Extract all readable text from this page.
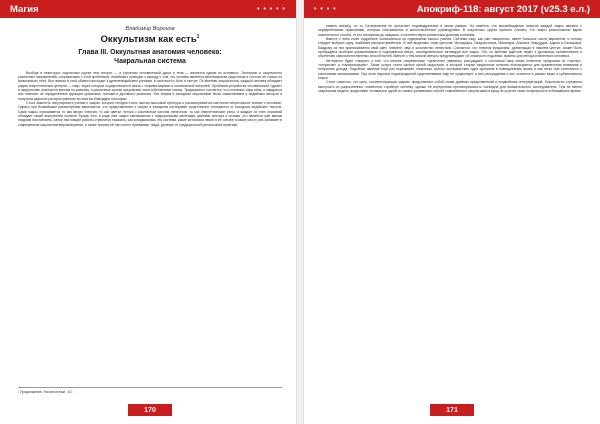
Магия	• • • • •
Владимир Воронов
Оккультизм как есть$^1$
Глава III. Оккультная анатомия человека:
Чакральная система

Вообще в некоторых оккультных кругах этот вопрос — о строении человеческой души и тела — является одним из основных. Эзотерики и оккультисты различных направлений, соприкасаясь с этой проблемой, неизбежно приходят к выводу о том, что человек является многомерным существом и состоит не только из физического тела. Все знания в этой области восходят к древнеиндийским учениям, в частности к йоге и тантре. По мнению оккультистов, каждый человек обладает рядом энергетических центров — чакр, через которые осуществляется связь с тонкими мирами и космической энергией. Проблема устройства человеческой «души» в оккультизме трактуется весьма по-разному, и различные школы предлагают свои собственные схемы. Традиционно считается, что основных чакр семь, и каждая из них отвечает за определённые функции организма, психики и духовного развития. Эта теория в западном оккультизме была заимствована у индийских авторов и получила широкое распространение во многом благодаря теософии.

Стоит заметить популярность учения о чакрах, которое сегодня стало частью массовой культуры и рассматривается как некое непреложное знание о человеке. Однако при ближайшем рассмотрении выясняется, что представления о чакрах в западном эзотеризме существенно отличаются от исходных индийских текстов. Сами чакры описываются то как вихри энергии, то как цветки лотоса с различным числом лепестков, то как энергетические узлы, и каждое из этих описаний обладает своей внутренней логикой. Кроме того, в ряде книг чакры связываются с эндокринными железами, цветами спектра и нотами, что является уже явным поздним наслоением. Автор настоящей работы стремится показать, как складывалась эта система, какие источники лежат в её основе и какое место она занимает в современном оккультном мировоззрении, а также почему её так охотно принимают люди, далёкие от традиционной религиозной практики.

¹ Продолжение. Начало в вып. 117.
170
• • • •	Апокриф-118: август 2017 (v25.3 е.л.)

ниметь вперёд, но то Сатанеменна не прочитает индивидуальное в своих рамках. Но кажется, что высвобождение энергии каждой чакры связано с определёнными практиками, которые описываются в многочисленных руководствах. В оккультных кругах принято считать, что чакры расположены вдоль позвоночного столба, от его основания до макушки, и соответствуют различным уровням сознания.

Вместе с этим стоит подробнее остановиться на содержании самого учения. Система чакр, как уже говорилось, имеет большое число вариантов, и потому следует выбрать одну, наиболее распространённую. В ней выделяют семь центров: Муладхара, Свадхистхана, Манипура, Анахата, Вишуддха, Аджна и Сахасрара. Каждому из них приписывается свой цвет, элемент, звук и количество лепестков. Считается, что энергия кундалини, дремлющая в нижнем центре, может быть пробуждена особыми упражнениями и подниматься вверх, последовательно активируя все чакры. Это, по мнению адептов, ведёт к духовному просветлению и обретению сверхъестественных способностей. Вместе с тем многие авторы предупреждают об опасности подобных практик для неподготовленного человека.

Интересно будет говорить о том, что многие современные «целители» уверенно рассуждают о состоянии чакр своих клиентов, предлагая их «чистку», «открытие» и «гармонизацию». Такие услуги стали частью целой индустрии, в которой старые оккультные понятия используются для привлечения внимания и получения дохода. Подобное явление ещё раз показывает, насколько сильно эзотерические идеи проникли в повседневную жизнь и как легко они сочетаются с рыночными механизмами. При этом научных подтверждений существования чакр не существует, а все рассуждения о них остаются в рамках веры и субъективного опыта.

Стоит отметить, что цель, соответствующая чакрам, представляет собой сплав древних представлений и позднейших интерпретаций. Оккультисты стремятся выстроить из разрозненных элементов стройную систему, однако её внутренняя противоречивость очевидна для внимательного исследователя. Тем не менее чакральная модель продолжает оставаться одной из самых узнаваемых частей современного оккультизма и вряд ли утратит свою популярность в ближайшее время.

171
